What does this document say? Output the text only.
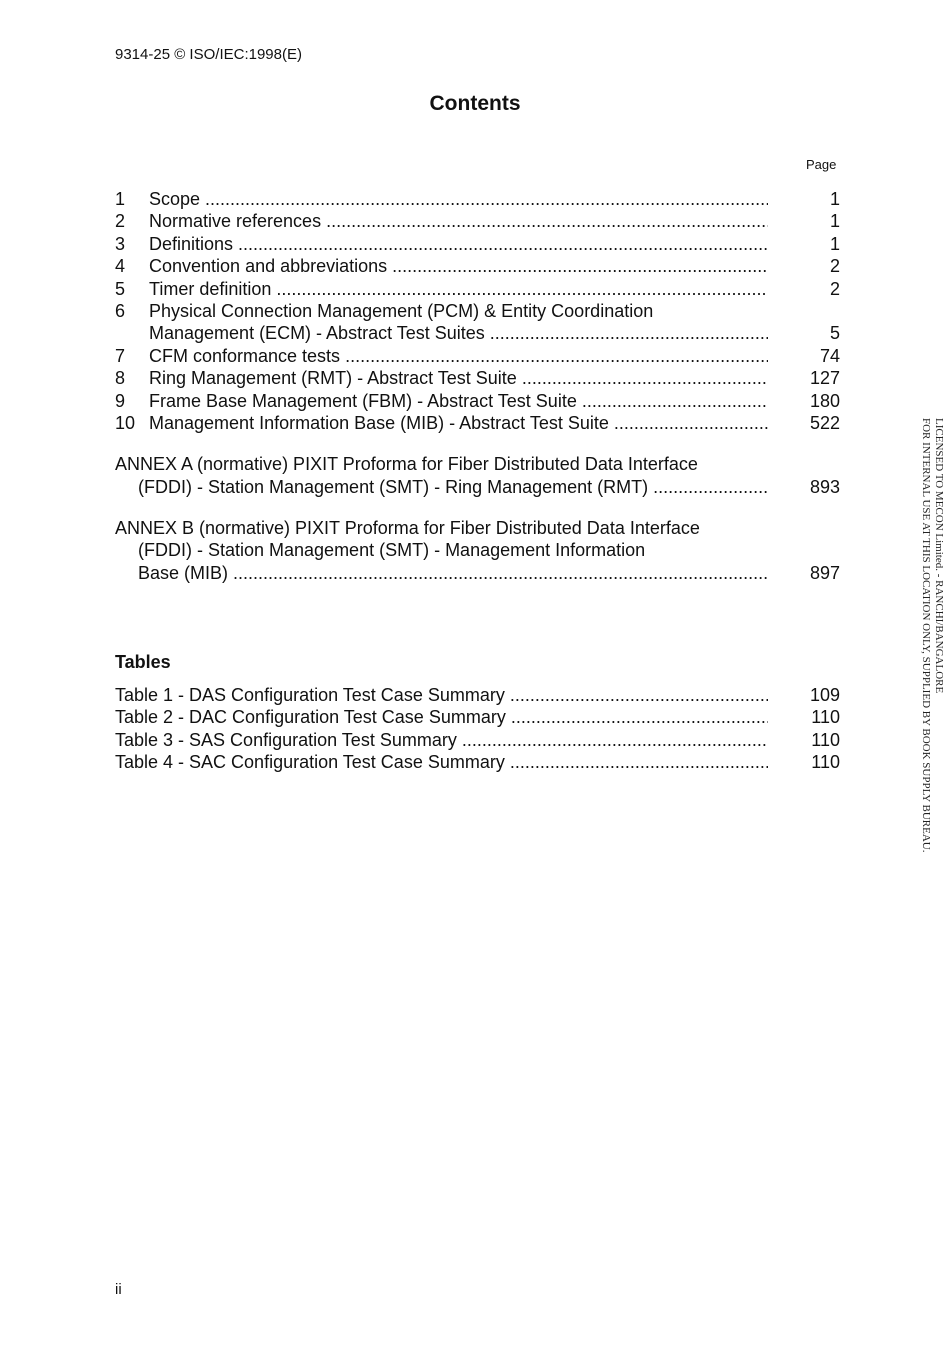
9314-25 © ISO/IEC:1998(E)
Contents
Page
1	Scope .....	1
2	Normative references .....	1
3	Definitions .....	1
4	Convention and abbreviations .....	2
5	Timer definition .....	2
6	Physical Connection Management (PCM) & Entity Coordination
Management (ECM) - Abstract Test Suites .....	5
7	CFM conformance tests .....	74
8	Ring Management (RMT) - Abstract Test Suite .....	127
9	Frame Base Management (FBM) - Abstract Test Suite .....	180
10 Management Information Base (MIB) - Abstract Test Suite .....	522
ANNEX A (normative) PIXIT Proforma for Fiber Distributed Data Interface
(FDDI) - Station Management (SMT) - Ring Management (RMT) .....	893
ANNEX B (normative) PIXIT Proforma for Fiber Distributed Data Interface
(FDDI) - Station Management (SMT) - Management Information
Base (MIB) .....	897
Tables
Table 1 - DAS Configuration Test Case Summary .....	109
Table 2 - DAC Configuration Test Case Summary .....	110
Table 3 - SAS Configuration Test Summary .....	110
Table 4 - SAC Configuration Test Case Summary .....	110
LICENSED TO MECON Limited. - RANCHI/BANGALORE
FOR INTERNAL USE AT THIS LOCATION ONLY, SUPPLIED BY BOOK SUPPLY BUREAU.
ii
